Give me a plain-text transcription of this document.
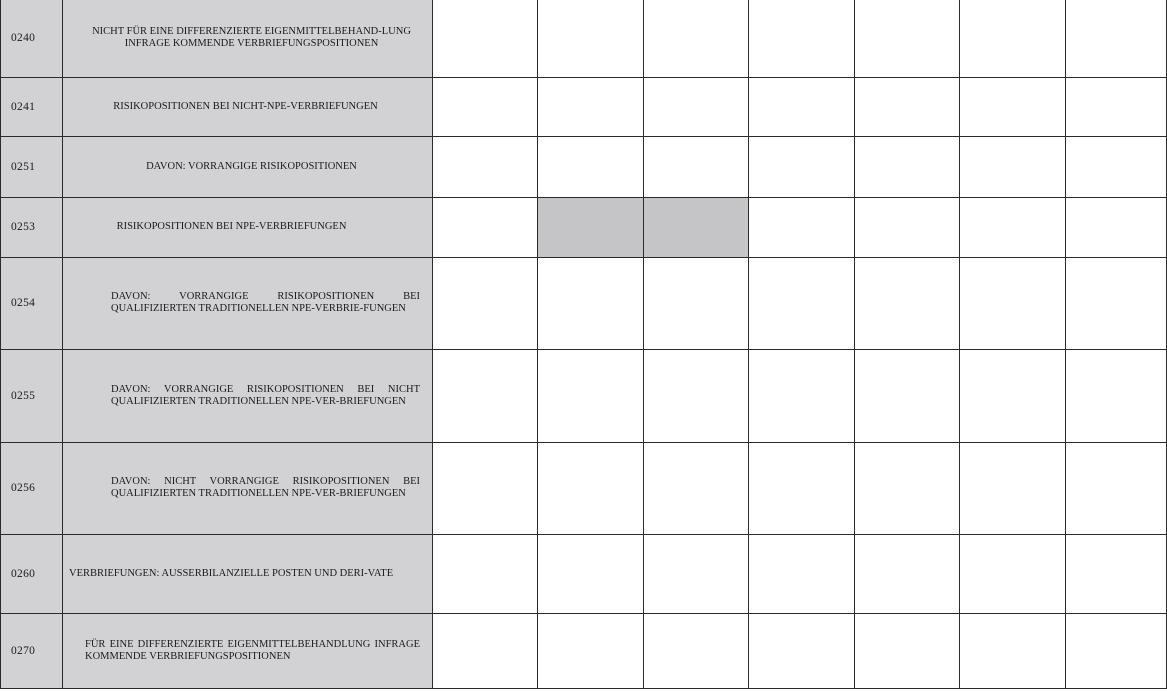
0240	NICHT FÜR EINE DIFFERENZIERTE EIGENMITTELBEHAND-LUNG INFRAGE KOMMENDE VERBRIEFUNGSPOSITIONEN							
0241	RISIKOPOSITIONEN BEI NICHT-NPE-VERBRIEFUNGEN							
0251	DAVON: VORRANGIGE RISIKOPOSITIONEN							
0253	RISIKOPOSITIONEN BEI NPE-VERBRIEFUNGEN							
0254	DAVON: VORRANGIGE RISIKOPOSITIONEN BEI QUALIFIZIERTEN TRADITIONELLEN NPE-VERBRIE-FUNGEN							
0255	DAVON: VORRANGIGE RISIKOPOSITIONEN BEI NICHT QUALIFIZIERTEN TRADITIONELLEN NPE-VER-BRIEFUNGEN							
0256	DAVON: NICHT VORRANGIGE RISIKOPOSITIONEN BEI QUALIFIZIERTEN TRADITIONELLEN NPE-VER-BRIEFUNGEN							
0260	VERBRIEFUNGEN: AUSSERBILANZIELLE POSTEN UND DERI-VATE							
0270	FÜR EINE DIFFERENZIERTE EIGENMITTELBEHANDLUNG INFRAGE KOMMENDE VERBRIEFUNGSPOSITIONEN							
